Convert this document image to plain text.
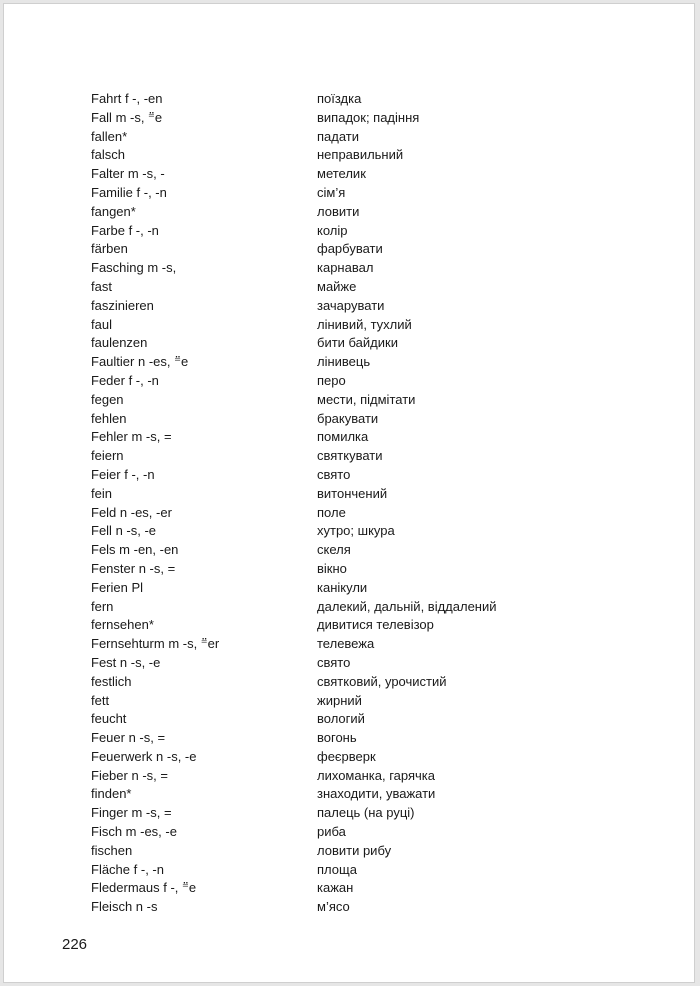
Fahrt f -, -en	поїздка
Fall m -s, ⁼̈e	випадок; падіння
fallen*	падати
falsch	неправильний
Falter m -s, -	метелик
Familie f -, -n	сім’я
fangen*	ловити
Farbe f -, -n	колір
färben	фарбувати
Fasching m -s,	карнавал
fast	майже
faszinieren	зачарувати
faul	лінивий, тухлий
faulenzen	бити байдики
Faultier n -es, ⁼̈e	лінивець
Feder f -, -n	перо
fegen	мести, підмітати
fehlen	бракувати
Fehler m -s, =	помилка
feiern	святкувати
Feier f -, -n	свято
fein	витончений
Feld n -es, -er	поле
Fell n -s, -e	хутро; шкура
Fels m -en, -en	скеля
Fenster n -s, =	вікно
Ferien Pl	канікули
fern	далекий, дальній, віддалений
fernsehen*	дивитися телевізор
Fernsehturm m -s, ⁼̈er	телевежа
Fest n -s, -e	свято
festlich	святковий, урочистий
fett	жирний
feucht	вологий
Feuer n -s, =	вогонь
Feuerwerk n -s, -e	феєрверк
Fieber n -s, =	лихоманка, гарячка
finden*	знаходити, уважати
Finger m -s, =	палець (на руці)
Fisch m -es, -e	риба
fischen	ловити рибу
Fläche f -, -n	площа
Fledermaus f -, ⁼̈e	кажан
Fleisch n -s	м’ясо
226
